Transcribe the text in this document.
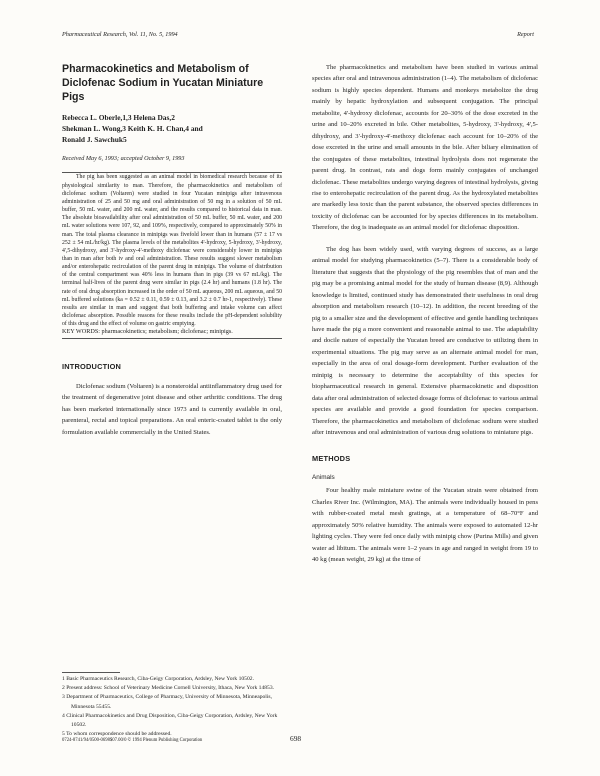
Pharmaceutical Research, Vol. 11, No. 5, 1994	Report
Pharmacokinetics and Metabolism of Diclofenac Sodium in Yucatan Miniature Pigs
Rebecca L. Oberle,1,3 Helena Das,2
Shekman L. Wong,3 Keith K. H. Chan,4 and
Ronald J. Sawchuk5
Received May 6, 1993; accepted October 9, 1993

The pig has been suggested as an animal model in biomedical research because of its physiological similarity to man. Therefore, the pharmacokinetics and metabolism of diclofenac sodium (Voltaren) were studied in four Yucatan minipigs after intravenous administration of 25 and 50 mg and oral administration of 50 mg in a solution of 50 mL buffer, 50 mL water, and 200 mL water, and the results compared to historical data in man. The absolute bioavailability after oral administration of 50 mL buffer, 50 mL water, and 200 mL water solutions were 107, 92, and 109%, respectively, compared to approximately 50% in man. The total plasma clearance in minipigs was fivefold lower than in humans (57 ± 17 vs 252 ± 54 mL/hr/kg). The plasma levels of the metabolites 4'-hydroxy, 5-hydroxy, 3'-hydroxy, 4',5-dihydroxy, and 3'-hydroxy-4'-methoxy diclofenac were considerably lower in minipigs than in man after both iv and oral administration. These results suggest slower metabolism and/or enterohepatic recirculation of the parent drug in minipigs. The volume of distribution of the central compartment was 40% less in humans than in pigs (39 vs 67 mL/kg). The terminal half-lives of the parent drug were similar in pigs (2.4 hr) and humans (1.8 hr). The rate of oral drug absorption increased in the order of 50 mL aqueous, 200 mL aqueous, and 50 mL buffered solutions (ka = 0.52 ± 0.11, 0.59 ± 0.13, and 3.2 ± 0.7 hr-1, respectively). These results are similar in man and suggest that both buffering and intake volume can affect diclofenac absorption. Possible reasons for these results include the pH-dependent solubility of this drug and the effect of volume on gastric emptying.

KEY WORDS: pharmacokinetics; metabolism; diclofenac; minipigs.
INTRODUCTION

Diclofenac sodium (Voltaren) is a nonsteroidal antiinflammatory drug used for the treatment of degenerative joint disease and other arthritic conditions. The drug has been marketed internationally since 1973 and is currently available in oral, parenteral, rectal and topical preparations. An oral enteric-coated tablet is the only formulation available commercially in the United States.

1 Basic Pharmaceutics Research, Ciba-Geigy Corporation, Ardsley, New York 10502.

2 Present address: School of Veterinary Medicine Cornell University, Ithaca, New York 14853.

3 Department of Pharmaceutics, College of Pharmacy, University of Minnesota, Minneapolis, Minnesota 55455.

4 Clinical Pharmacokinetics and Drug Disposition, Ciba-Geigy Corporation, Ardsley, New York 10502.

5 To whom correspondence should be addressed.

The pharmacokinetics and metabolism have been studied in various animal species after oral and intravenous administration (1–4). The metabolism of diclofenac sodium is highly species dependent. Humans and monkeys metabolize the drug mainly by hepatic hydroxylation and subsequent conjugation. The principal metabolite, 4'-hydroxy diclofenac, accounts for 20–30% of the dose excreted in the urine and 10–20% excreted in bile. Other metabolites, 5-hydroxy, 3'-hydroxy, 4',5-dihydroxy, and 3'-hydroxy-4'-methoxy diclofenac each account for 10–20% of the dose excreted in the urine and small amounts in the bile. After biliary elimination of the conjugates of these metabolites, intestinal hydrolysis does not regenerate the parent drug. In contrast, rats and dogs form mainly conjugates of unchanged diclofenac. These metabolites undergo varying degrees of intestinal hydrolysis, giving rise to enterohepatic recirculation of the parent drug. As the hydroxylated metabolites are markedly less toxic than the parent substance, the observed species differences in toxicity of diclofenac can be accounted for by species differences in its metabolism. Therefore, the dog is inadequate as an animal model for diclofenac disposition.

The dog has been widely used, with varying degrees of success, as a large animal model for studying pharmacokinetics (5–7). There is a considerable body of literature that suggests that the physiology of the pig resembles that of man and the pig may be a promising animal model for the study of human disease (8,9). Although knowledge is limited, continued study has demonstrated their usefulness in oral drug absorption and metabolism research (10–12). In addition, the recent breeding of the pig to a smaller size and the development of effective and gentle handling techniques have made the pig a more convenient and reasonable animal to use. The adaptability and docile nature of especially the Yucatan breed are conducive to utilizing them in experimental situations. The pig may serve as an alternate animal model for man, especially in the area of oral dosage-form development. Further evaluation of the minipig is necessary to determine the acceptability of this species for biopharmaceutical research in general. Extensive pharmacokinetic and disposition data after oral administration of selected dosage forms of diclofenac to various animal species are available and provide a good foundation for species comparison. Therefore, the pharmacokinetics and metabolism of diclofenac sodium were studied after intravenous and oral administration of various drug solutions to miniature pigs.

METHODS
Animals

Four healthy male miniature swine of the Yucatan strain were obtained from Charles River Inc. (Wilmington, MA). The animals were individually housed in pens with rubber-coated metal mesh gratings, at a temperature of 68–70°F and approximately 50% relative humidity. The animals were exposed to automated 12-hr lighting cycles. They were fed once daily with minipig chow (Purina Mills) and given water ad libitum. The animals were 1–2 years in age and ranged in weight from 19 to 40 kg (mean weight, 29 kg) at the time of

0724-8741/94/0500-0698$07.00/0 © 1994 Plenum Publishing Corporation	698
